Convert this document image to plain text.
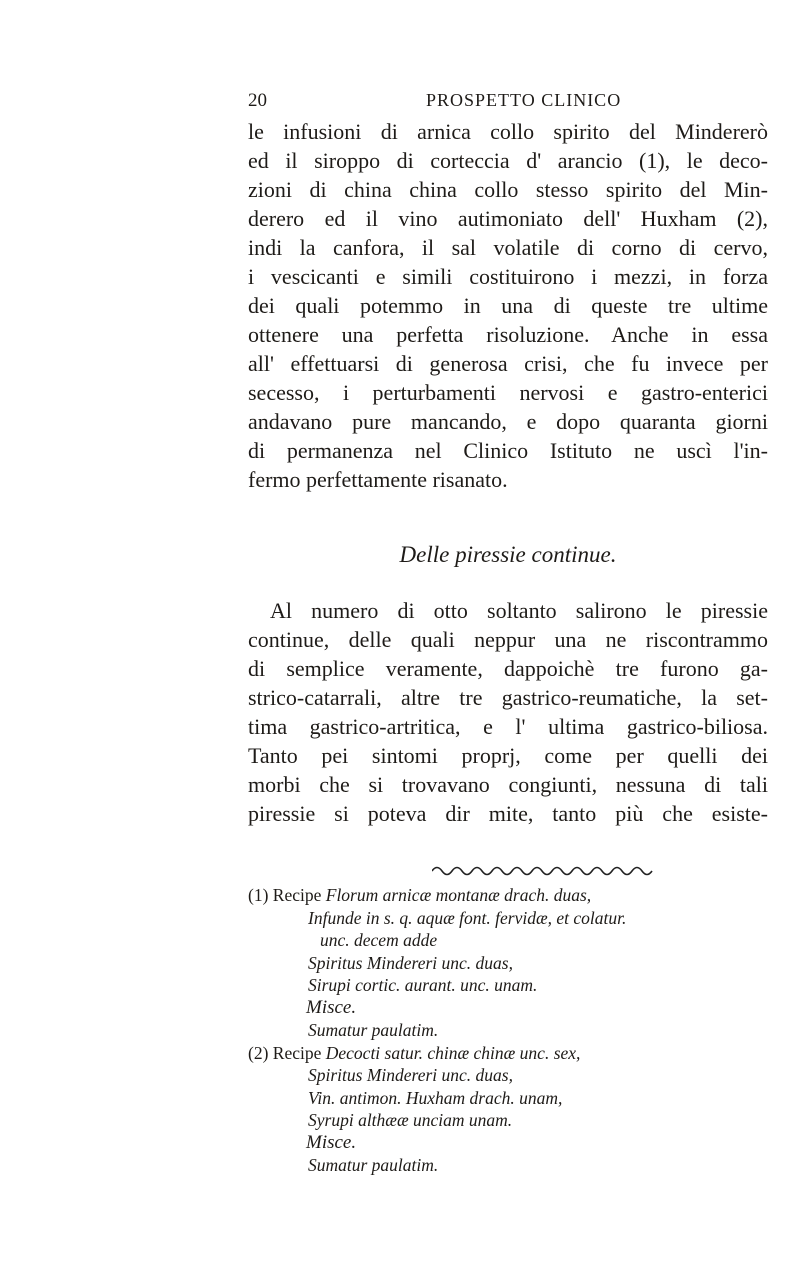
20	PROSPETTO CLINICO
le infusioni di arnica collo spirito del Mindererò
ed il siroppo di corteccia d' arancio (1), le deco-
zioni di china china collo stesso spirito del Min-
derero ed il vino autimoniato dell' Huxham (2),
indi la canfora, il sal volatile di corno di cervo,
i vescicanti e simili costituirono i mezzi, in forza
dei quali potemmo in una di queste tre ultime
ottenere una perfetta risoluzione. Anche in essa
all' effettuarsi di generosa crisi, che fu invece per
secesso, i perturbamenti nervosi e gastro-enterici
andavano pure mancando, e dopo quaranta giorni
di permanenza nel Clinico Istituto ne uscì l'in-
fermo perfettamente risanato.
Delle piressie continue.
Al numero di otto soltanto salirono le piressie
continue, delle quali neppur una ne riscontrammo
di semplice veramente, dappoichè tre furono ga-
strico-catarrali, altre tre gastrico-reumatiche, la set-
tima gastrico-artritica, e l' ultima gastrico-biliosa.
Tanto pei sintomi proprj, come per quelli dei
morbi che si trovavano congiunti, nessuna di tali
piressie si poteva dir mite, tanto più che esiste-
(1) Recipe Florum arnicæ montanæ drach. duas,
Infunde in s. q. aquæ font. fervidæ, et colatur.
unc. decem adde
Spiritus Mindereri unc. duas,
Sirupi cortic. aurant. unc. unam.
Misce.
Sumatur paulatim.
(2) Recipe Decocti satur. chinæ chinæ unc. sex,
Spiritus Mindereri unc. duas,
Vin. antimon. Huxham drach. unam,
Syrupi althææ unciam unam.
Misce.
Sumatur paulatim.
